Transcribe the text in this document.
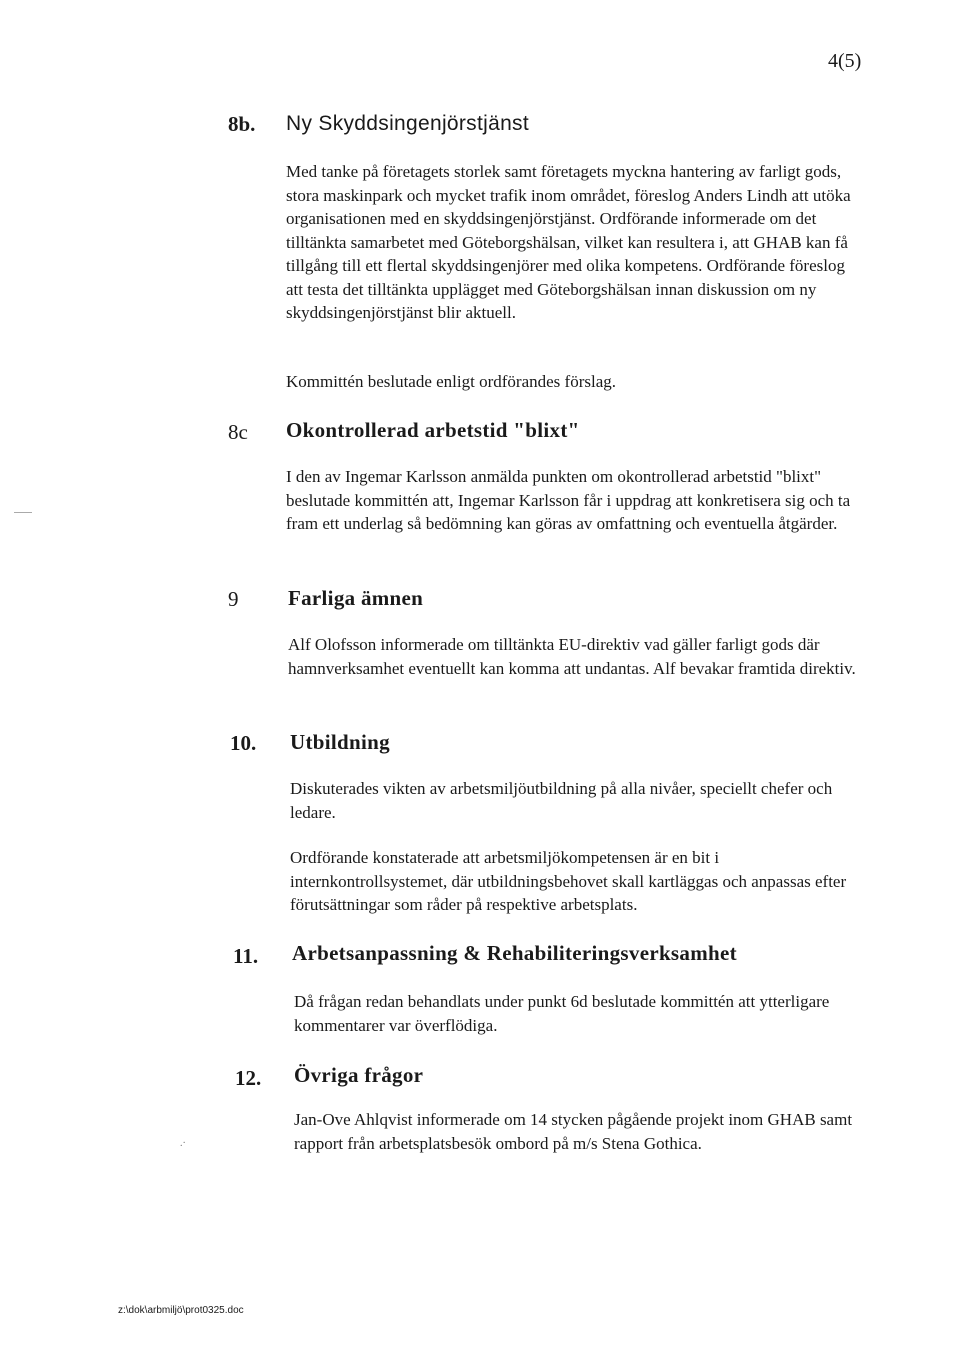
4(5)
8b. Ny Skyddsingenjörstjänst
Med tanke på företagets storlek samt företagets myckna hantering av farligt gods, stora maskinpark och mycket trafik inom området, föreslog Anders Lindh att utöka organisationen med en skyddsingenjörstjänst. Ordförande informerade om det tilltänkta samarbetet med Göteborgshälsan, vilket kan resultera i, att GHAB kan få tillgång till ett flertal skyddsingenjörer med olika kompetens. Ordförande föreslog att testa det tilltänkta upplägget med Göteborgshälsan innan diskussion om ny skyddsingenjörstjänst blir aktuell.
Kommittén beslutade enligt ordförandes förslag.
8c Okontrollerad arbetstid "blixt"
I den av Ingemar Karlsson anmälda punkten om okontrollerad arbetstid "blixt" beslutade kommittén att, Ingemar Karlsson får i uppdrag att konkretisera sig och ta fram ett underlag så bedömning kan göras av omfattning och eventuella åtgärder.
9 Farliga ämnen
Alf Olofsson informerade om tilltänkta EU-direktiv vad gäller farligt gods där hamnverksamhet eventuellt kan komma att undantas. Alf bevakar framtida direktiv.
10. Utbildning
Diskuterades vikten av arbetsmiljöutbildning på alla nivåer, speciellt chefer och ledare.
Ordförande konstaterade att arbetsmiljökompetensen är en bit i internkontrollsystemet, där utbildningsbehovet skall kartläggas och anpassas efter förutsättningar som råder på respektive arbetsplats.
11. Arbetsanpassning & Rehabiliteringsverksamhet
Då frågan redan behandlats under punkt 6d beslutade kommittén att ytterligare kommentarer var överflödiga.
12. Övriga frågor
Jan-Ove Ahlqvist informerade om 14 stycken pågående projekt inom GHAB samt rapport från arbetsplatsbesök ombord på m/s Stena Gothica.
.·
z:\dok\arbmiljö\prot0325.doc
